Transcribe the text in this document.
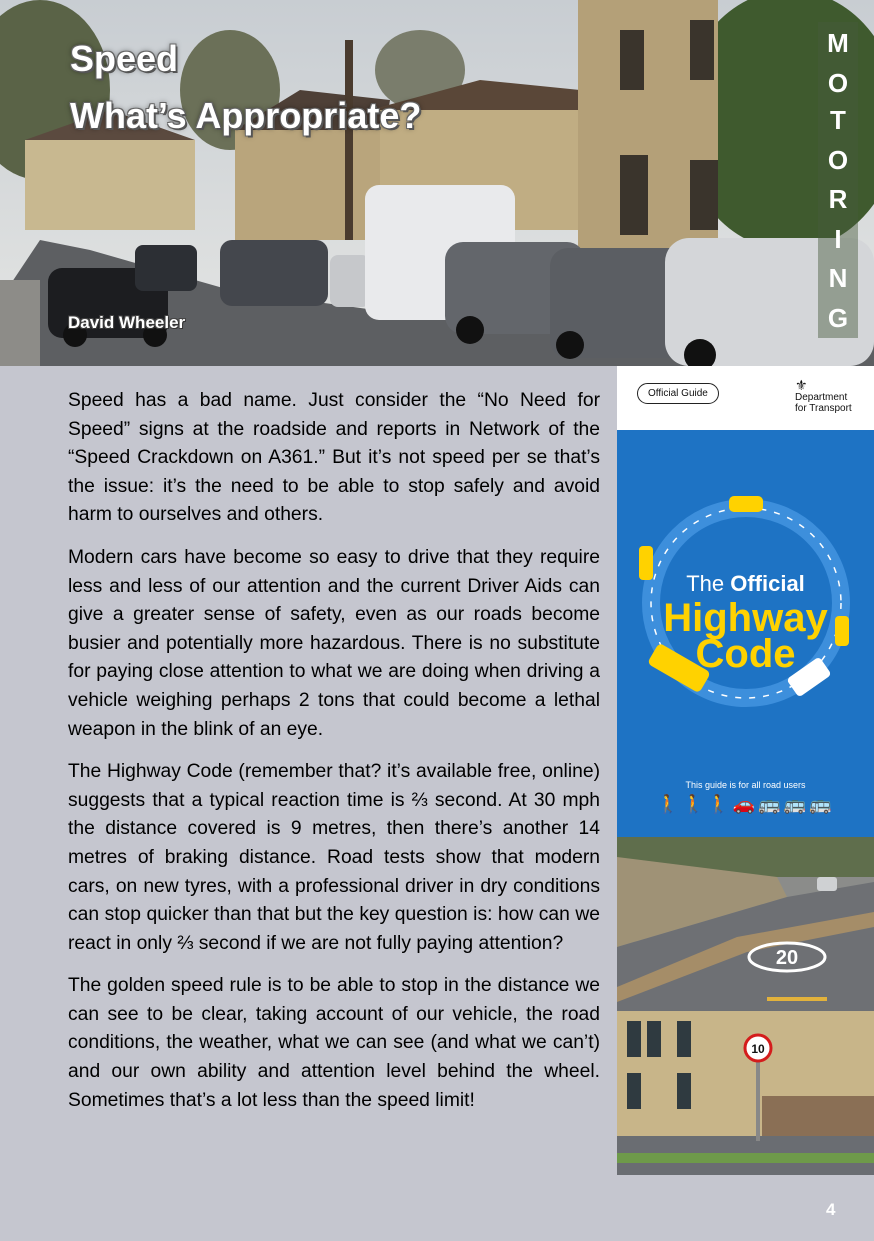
Speed
What’s Appropriate?
David Wheeler
M
O
T
O
R
I
N
G

Speed has a bad name. Just consider the “No Need for Speed” signs at the roadside and reports in Network of the “Speed Crackdown on A361.” But it’s not speed per se that’s the issue: it’s the need to be able to stop safely and avoid harm to ourselves and others.

Modern cars have become so easy to drive that they require less and less of our attention and the current Driver Aids can give a greater sense of safety, even as our roads become busier and potentially more hazardous. There is no substitute for paying close attention to what we are doing when driving a vehicle weighing perhaps 2 tons that could become a lethal weapon in the blink of an eye.

The Highway Code (remember that? it’s available free, online) suggests that a typical reaction time is ⅔ second. At 30 mph the distance covered is 9 metres, then there’s another 14 metres of braking distance. Road tests show that modern cars, on new tyres, with a professional driver in dry conditions can stop quicker than that but the key question is: how can we react in only ⅔ second if we are not fully paying attention?

The golden speed rule is to be able to stop in the distance we can see to be clear, taking account of our vehicle, the road conditions, the weather, what we can see (and what we can’t) and our own ability and attention level behind the wheel. Sometimes that’s a lot less than the speed limit!

Official Guide
⚜
Department
for Transport
The Official
Highway
Code
This guide is for all road users
🚶🚶🚶🚗🚌🚌🚌
20
10
4
